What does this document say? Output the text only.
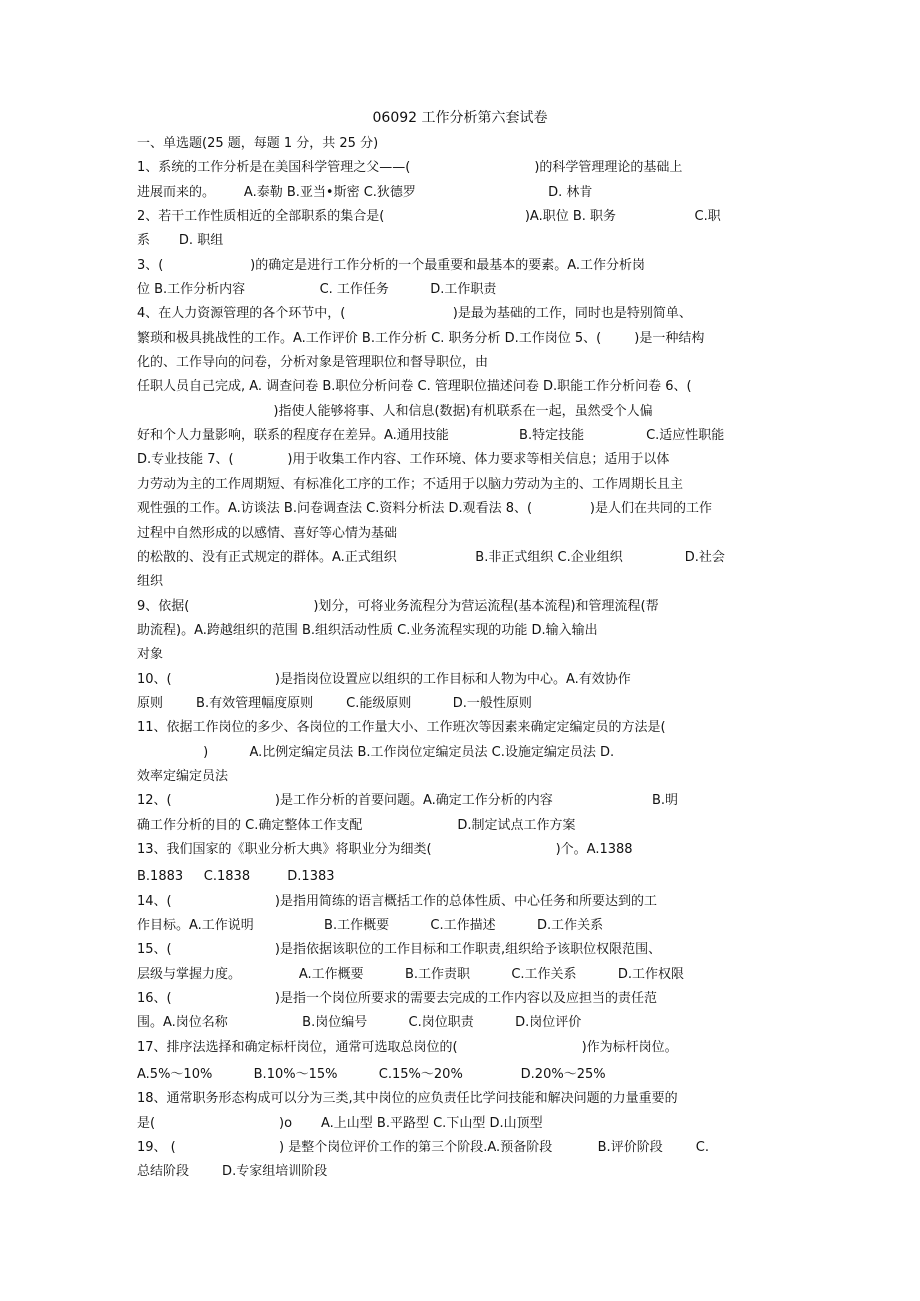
06092 工作分析第六套试卷
一、单选题(25 题，每题 1 分，共 25 分)
1、系统的工作分析是在美国科学管理之父——(                              )的科学管理理论的基础上
进展而来的。       A.泰勒 B.亚当•斯密 C.狄德罗                                D. 林肯
2、若干工作性质相近的全部职系的集合是(                                  )A.职位 B. 职务                   C.职
系       D. 职组
3、(                     )的确定是进行工作分析的一个最重要和最基本的要素。A.工作分析岗
位 B.工作分析内容                  C. 工作任务          D.工作职责
4、在人力资源管理的各个环节中，(                          )是最为基础的工作，同时也是特别简单、
繁琐和极具挑战性的工作。A.工作评价 B.工作分析 C. 职务分析 D.工作岗位 5、(        )是一种结构
化的、工作导向的问卷，分析对象是管理职位和督导职位，由
任职人员自己完成, A. 调查问卷 B.职位分析问卷 C. 管理职位描述问卷 D.职能工作分析问卷 6、(
)指使人能够将事、人和信息(数据)有机联系在一起，虽然受个人偏
好和个人力量影响，联系的程度存在差异。A.通用技能                 B.特定技能               C.适应性职能
D.专业技能 7、(             )用于收集工作内容、工作环境、体力要求等相关信息；适用于以体
力劳动为主的工作周期短、有标准化工序的工作；不适用于以脑力劳动为主的、工作周期长且主
观性强的工作。A.访谈法 B.问卷调查法 C.资料分析法 D.观看法 8、(              )是人们在共同的工作
过程中自然形成的以感情、喜好等心情为基础
的松散的、没有正式规定的群体。A.正式组织                   B.非正式组织 C.企业组织               D.社会
组织
9、依据(                              )划分，可将业务流程分为营运流程(基本流程)和管理流程(帮
助流程)。A.跨越组织的范围 B.组织活动性质 C.业务流程实现的功能 D.输入输出
对象
10、(                         )是指岗位设置应以组织的工作目标和人物为中心。A.有效协作
原则        B.有效管理幅度原则        C.能级原则          D.一般性原则
11、依据工作岗位的多少、各岗位的工作量大小、工作班次等因素来确定定编定员的方法是(
)          A.比例定编定员法 B.工作岗位定编定员法 C.设施定编定员法 D.
效率定编定员法
12、(                         )是工作分析的首要问题。A.确定工作分析的内容                        B.明
确工作分析的目的 C.确定整体工作支配                       D.制定试点工作方案
13、我们国家的《职业分析大典》将职业分为细类(                              )个。A.1388
B.1883     C.1838         D.1383
14、(                         )是指用简练的语言概括工作的总体性质、中心任务和所要达到的工
作目标。A.工作说明                 B.工作概要          C.工作描述          D.工作关系
15、(                         )是指依据该职位的工作目标和工作职责,组织给予该职位权限范围、
层级与掌握力度。              A.工作概要          B.工作责职          C.工作关系          D.工作权限
16、(                         )是指一个岗位所要求的需要去完成的工作内容以及应担当的责任范
围。A.岗位名称                  B.岗位编号          C.岗位职责          D.岗位评价
17、排序法选择和确定标杆岗位，通常可选取总岗位的(                              )作为标杆岗位。
A.5%～10%          B.10%～15%          C.15%～20%              D.20%～25%
18、通常职务形态构成可以分为三类,其中岗位的应负责任比学问技能和解决问题的力量重要的
是(                              )o       A.上山型 B.平路型 C.下山型 D.山顶型
19、 (                         ) 是整个岗位评价工作的第三个阶段.A.预备阶段           B.评价阶段        C.
总结阶段        D.专家组培训阶段
